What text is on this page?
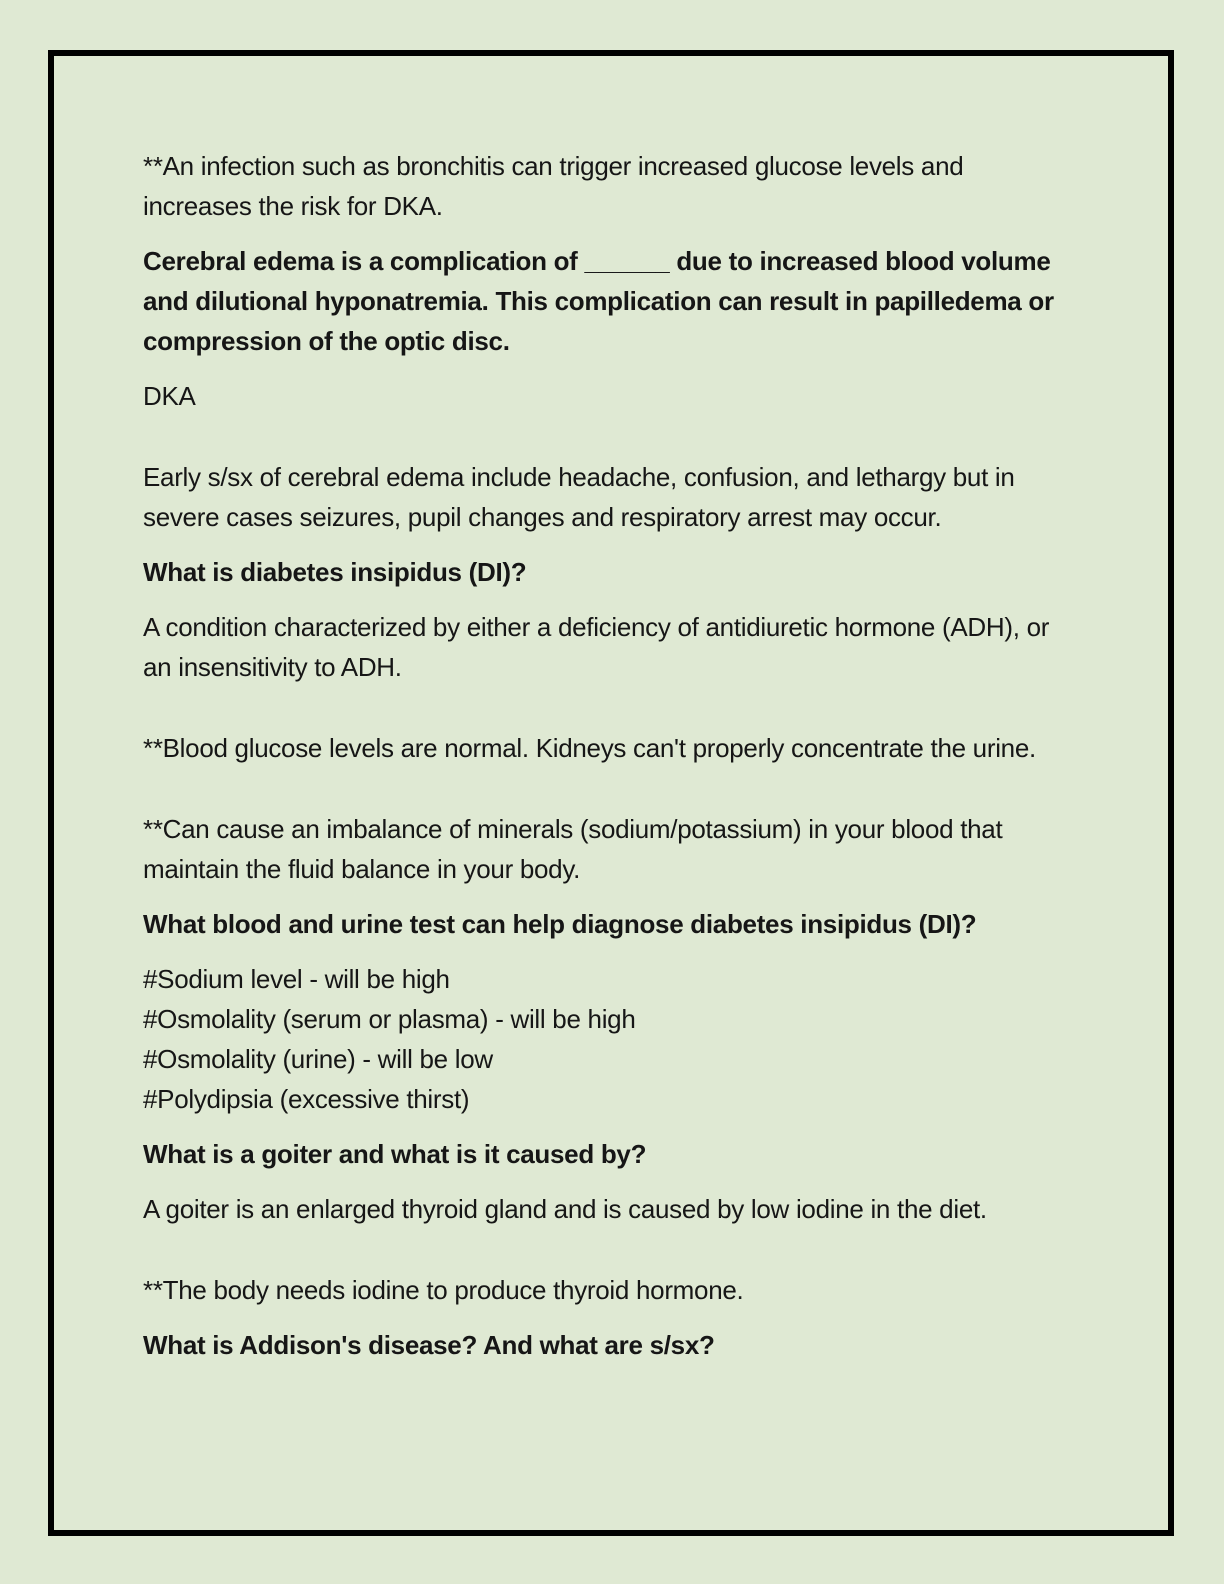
**An infection such as bronchitis can trigger increased glucose levels and increases the risk for DKA.

Cerebral edema is a complication of ______ due to increased blood volume and dilutional hyponatremia. This complication can result in papilledema or compression of the optic disc.

DKA

Early s/sx of cerebral edema include headache, confusion, and lethargy but in severe cases seizures, pupil changes and respiratory arrest may occur.

What is diabetes insipidus (DI)?

A condition characterized by either a deficiency of antidiuretic hormone (ADH), or an insensitivity to ADH.

**Blood glucose levels are normal. Kidneys can't properly concentrate the urine.

**Can cause an imbalance of minerals (sodium/potassium) in your blood that maintain the fluid balance in your body.

What blood and urine test can help diagnose diabetes insipidus (DI)?

#Sodium level - will be high
#Osmolality (serum or plasma) - will be high
#Osmolality (urine) - will be low
#Polydipsia (excessive thirst)

What is a goiter and what is it caused by?

A goiter is an enlarged thyroid gland and is caused by low iodine in the diet.

**The body needs iodine to produce thyroid hormone.

What is Addison's disease? And what are s/sx?
